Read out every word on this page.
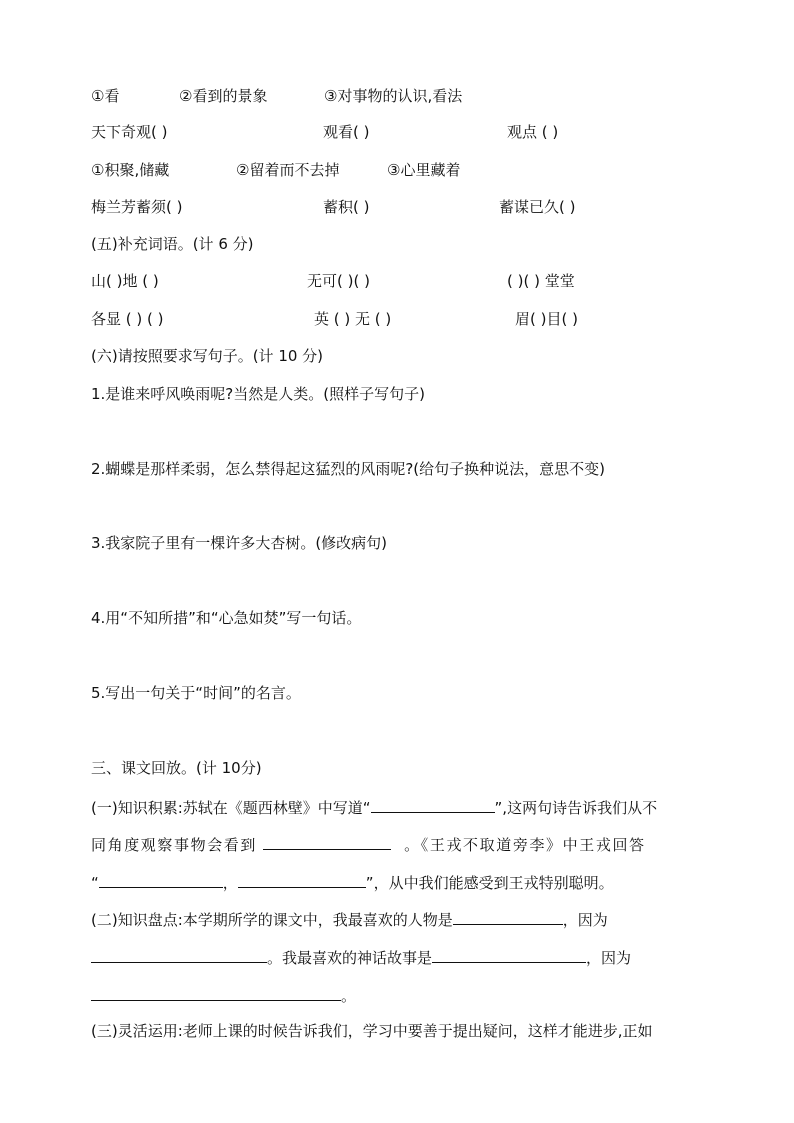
①看	②看到的景象	③对事物的认识,看法
天下奇观( )	观看( )	观点 ( )
①积聚,储藏	②留着而不去掉	③心里藏着
梅兰芳蓄须( )	蓄积( )	蓄谋已久( )
(五)补充词语。(计 6 分)
山( )地 ( )	无可( )( )	( )( ) 堂堂
各显 ( ) ( )	英 ( ) 无 ( )	眉( )目( )
(六)请按照要求写句子。(计 10 分)
1.是谁来呼风唤雨呢?当然是人类。(照样子写句子)
2.蝴蝶是那样柔弱，怎么禁得起这猛烈的风雨呢?(给句子换种说法，意思不变)
3.我家院子里有一棵许多大杏树。(修改病句)
4.用“不知所措”和“心急如焚”写一句话。
5.写出一句关于“时间”的名言。
三、课文回放。(计 10分)
(一)知识积累:苏轼在《题西林壁》中写道“	”,这两句诗告诉我们从不
同角度观察事物会看到	。《王戎不取道旁李》中王戎回答
“	，	”，从中我们能感受到王戎特别聪明。
(二)知识盘点:本学期所学的课文中，我最喜欢的人物是	，因为
。我最喜欢的神话故事是	，因为
。
(三)灵活运用:老师上课的时候告诉我们，学习中要善于提出疑问，这样才能进步,正如
